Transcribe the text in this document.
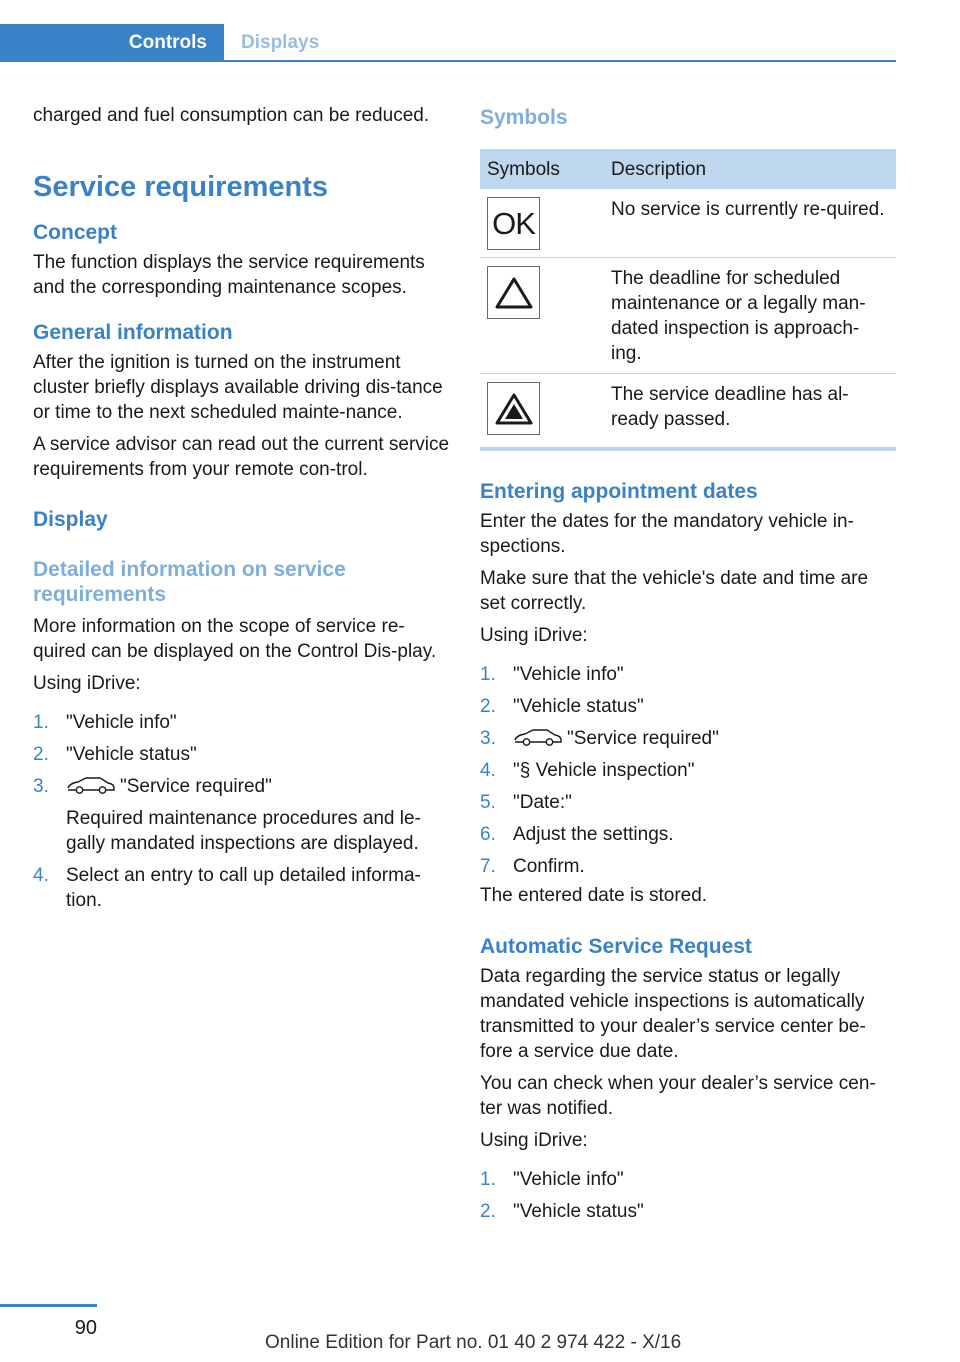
Controls	Displays

charged and fuel consumption can be reduced.

Service requirements
Concept

The function displays the service requirements and the corresponding maintenance scopes.

General information

After the ignition is turned on the instrument cluster briefly displays available driving dis-tance or time to the next scheduled mainte-nance.

A service advisor can read out the current service requirements from your remote con-trol.

Display
Detailed information on service requirements

More information on the scope of service re-quired can be displayed on the Control Dis-play.

Using iDrive:

1. "Vehicle info"
2. "Vehicle status"
3.	"Service required"
Required maintenance procedures and le-gally mandated inspections are displayed.
4. Select an entry to call up detailed informa-tion.
Symbols
Symbols	Description

OK	No service is currently re-quired.

	The deadline for scheduled maintenance or a legally man-dated inspection is approach-ing.

	The service deadline has al-ready passed.
Entering appointment dates

Enter the dates for the mandatory vehicle in-spections.

Make sure that the vehicle's date and time are set correctly.

Using iDrive:

1. "Vehicle info"
2. "Vehicle status"
3.	"Service required"
4. "§ Vehicle inspection"
5. "Date:"
6. Adjust the settings.
7. Confirm.

The entered date is stored.

Automatic Service Request

Data regarding the service status or legally mandated vehicle inspections is automatically transmitted to your dealer’s service center be-fore a service due date.

You can check when your dealer’s service cen-ter was notified.

Using iDrive:

1. "Vehicle info"
2. "Vehicle status"
90
Online Edition for Part no. 01 40 2 974 422 - X/16
